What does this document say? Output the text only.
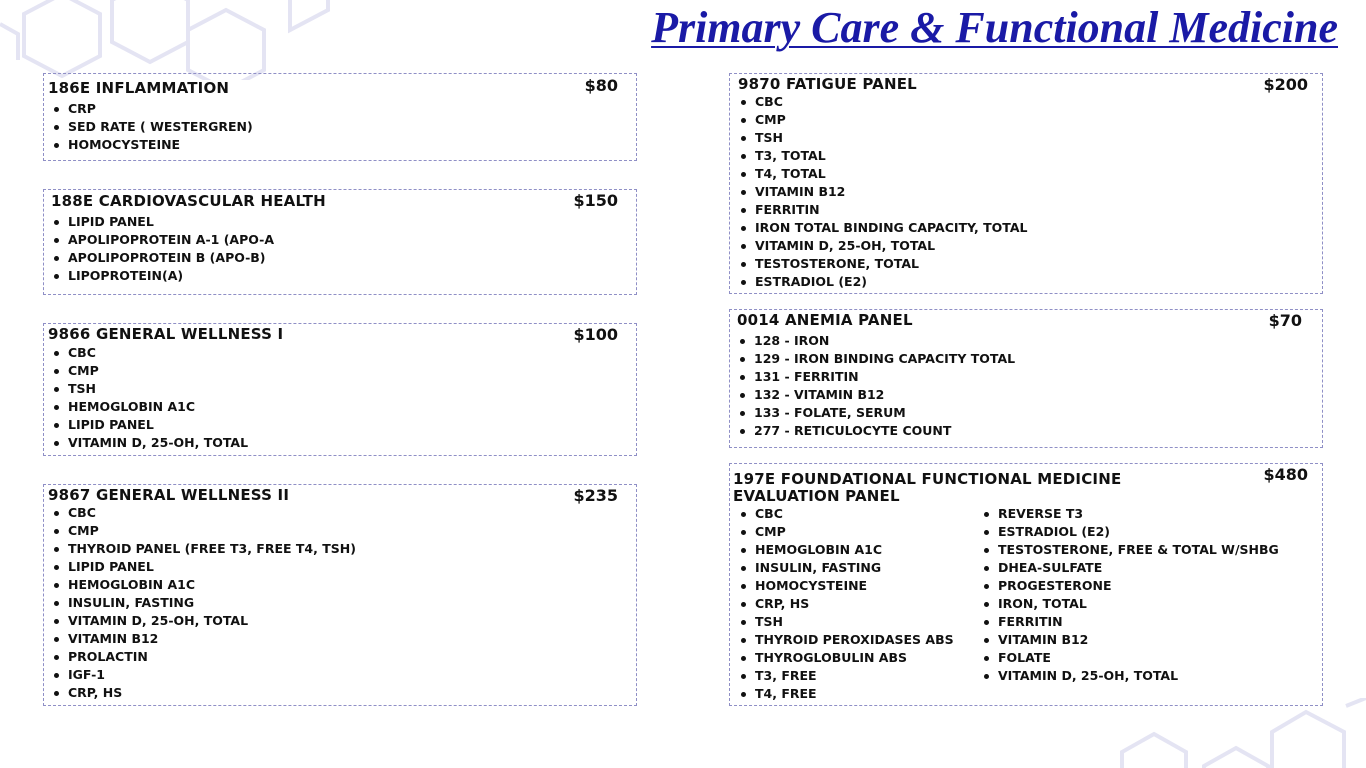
Primary Care & Functional Medicine
186E INFLAMMATION	$80
CRP
SED RATE ( WESTERGREN)
HOMOCYSTEINE
188E CARDIOVASCULAR HEALTH	$150
LIPID PANEL
APOLIPOPROTEIN A-1 (APO-A
APOLIPOPROTEIN B (APO-B)
LIPOPROTEIN(A)
9866 GENERAL WELLNESS I	$100
CBC
CMP
TSH
HEMOGLOBIN A1C
LIPID PANEL
VITAMIN D, 25-OH, TOTAL
9867 GENERAL WELLNESS II	$235
CBC
CMP
THYROID PANEL (FREE T3, FREE T4, TSH)
LIPID PANEL
HEMOGLOBIN A1C
INSULIN, FASTING
VITAMIN D, 25-OH, TOTAL
VITAMIN B12
PROLACTIN
IGF-1
CRP, HS
9870 FATIGUE PANEL	$200
CBC
CMP
TSH
T3, TOTAL
T4, TOTAL
VITAMIN B12
FERRITIN
IRON TOTAL BINDING CAPACITY, TOTAL
VITAMIN D, 25-OH, TOTAL
TESTOSTERONE, TOTAL
ESTRADIOL (E2)
0014 ANEMIA PANEL	$70
128 - IRON
129 - IRON BINDING CAPACITY TOTAL
131 - FERRITIN
132 - VITAMIN B12
133 - FOLATE, SERUM
277 - RETICULOCYTE COUNT
197E FOUNDATIONAL FUNCTIONAL MEDICINE
EVALUATION PANEL
$480
CBC
CMP
HEMOGLOBIN A1C
INSULIN, FASTING
HOMOCYSTEINE
CRP, HS
TSH
THYROID PEROXIDASES ABS
THYROGLOBULIN ABS
T3, FREE
T4, FREE
REVERSE T3
ESTRADIOL (E2)
TESTOSTERONE, FREE & TOTAL W/SHBG
DHEA-SULFATE
PROGESTERONE
IRON, TOTAL
FERRITIN
VITAMIN B12
FOLATE
VITAMIN D, 25-OH, TOTAL
